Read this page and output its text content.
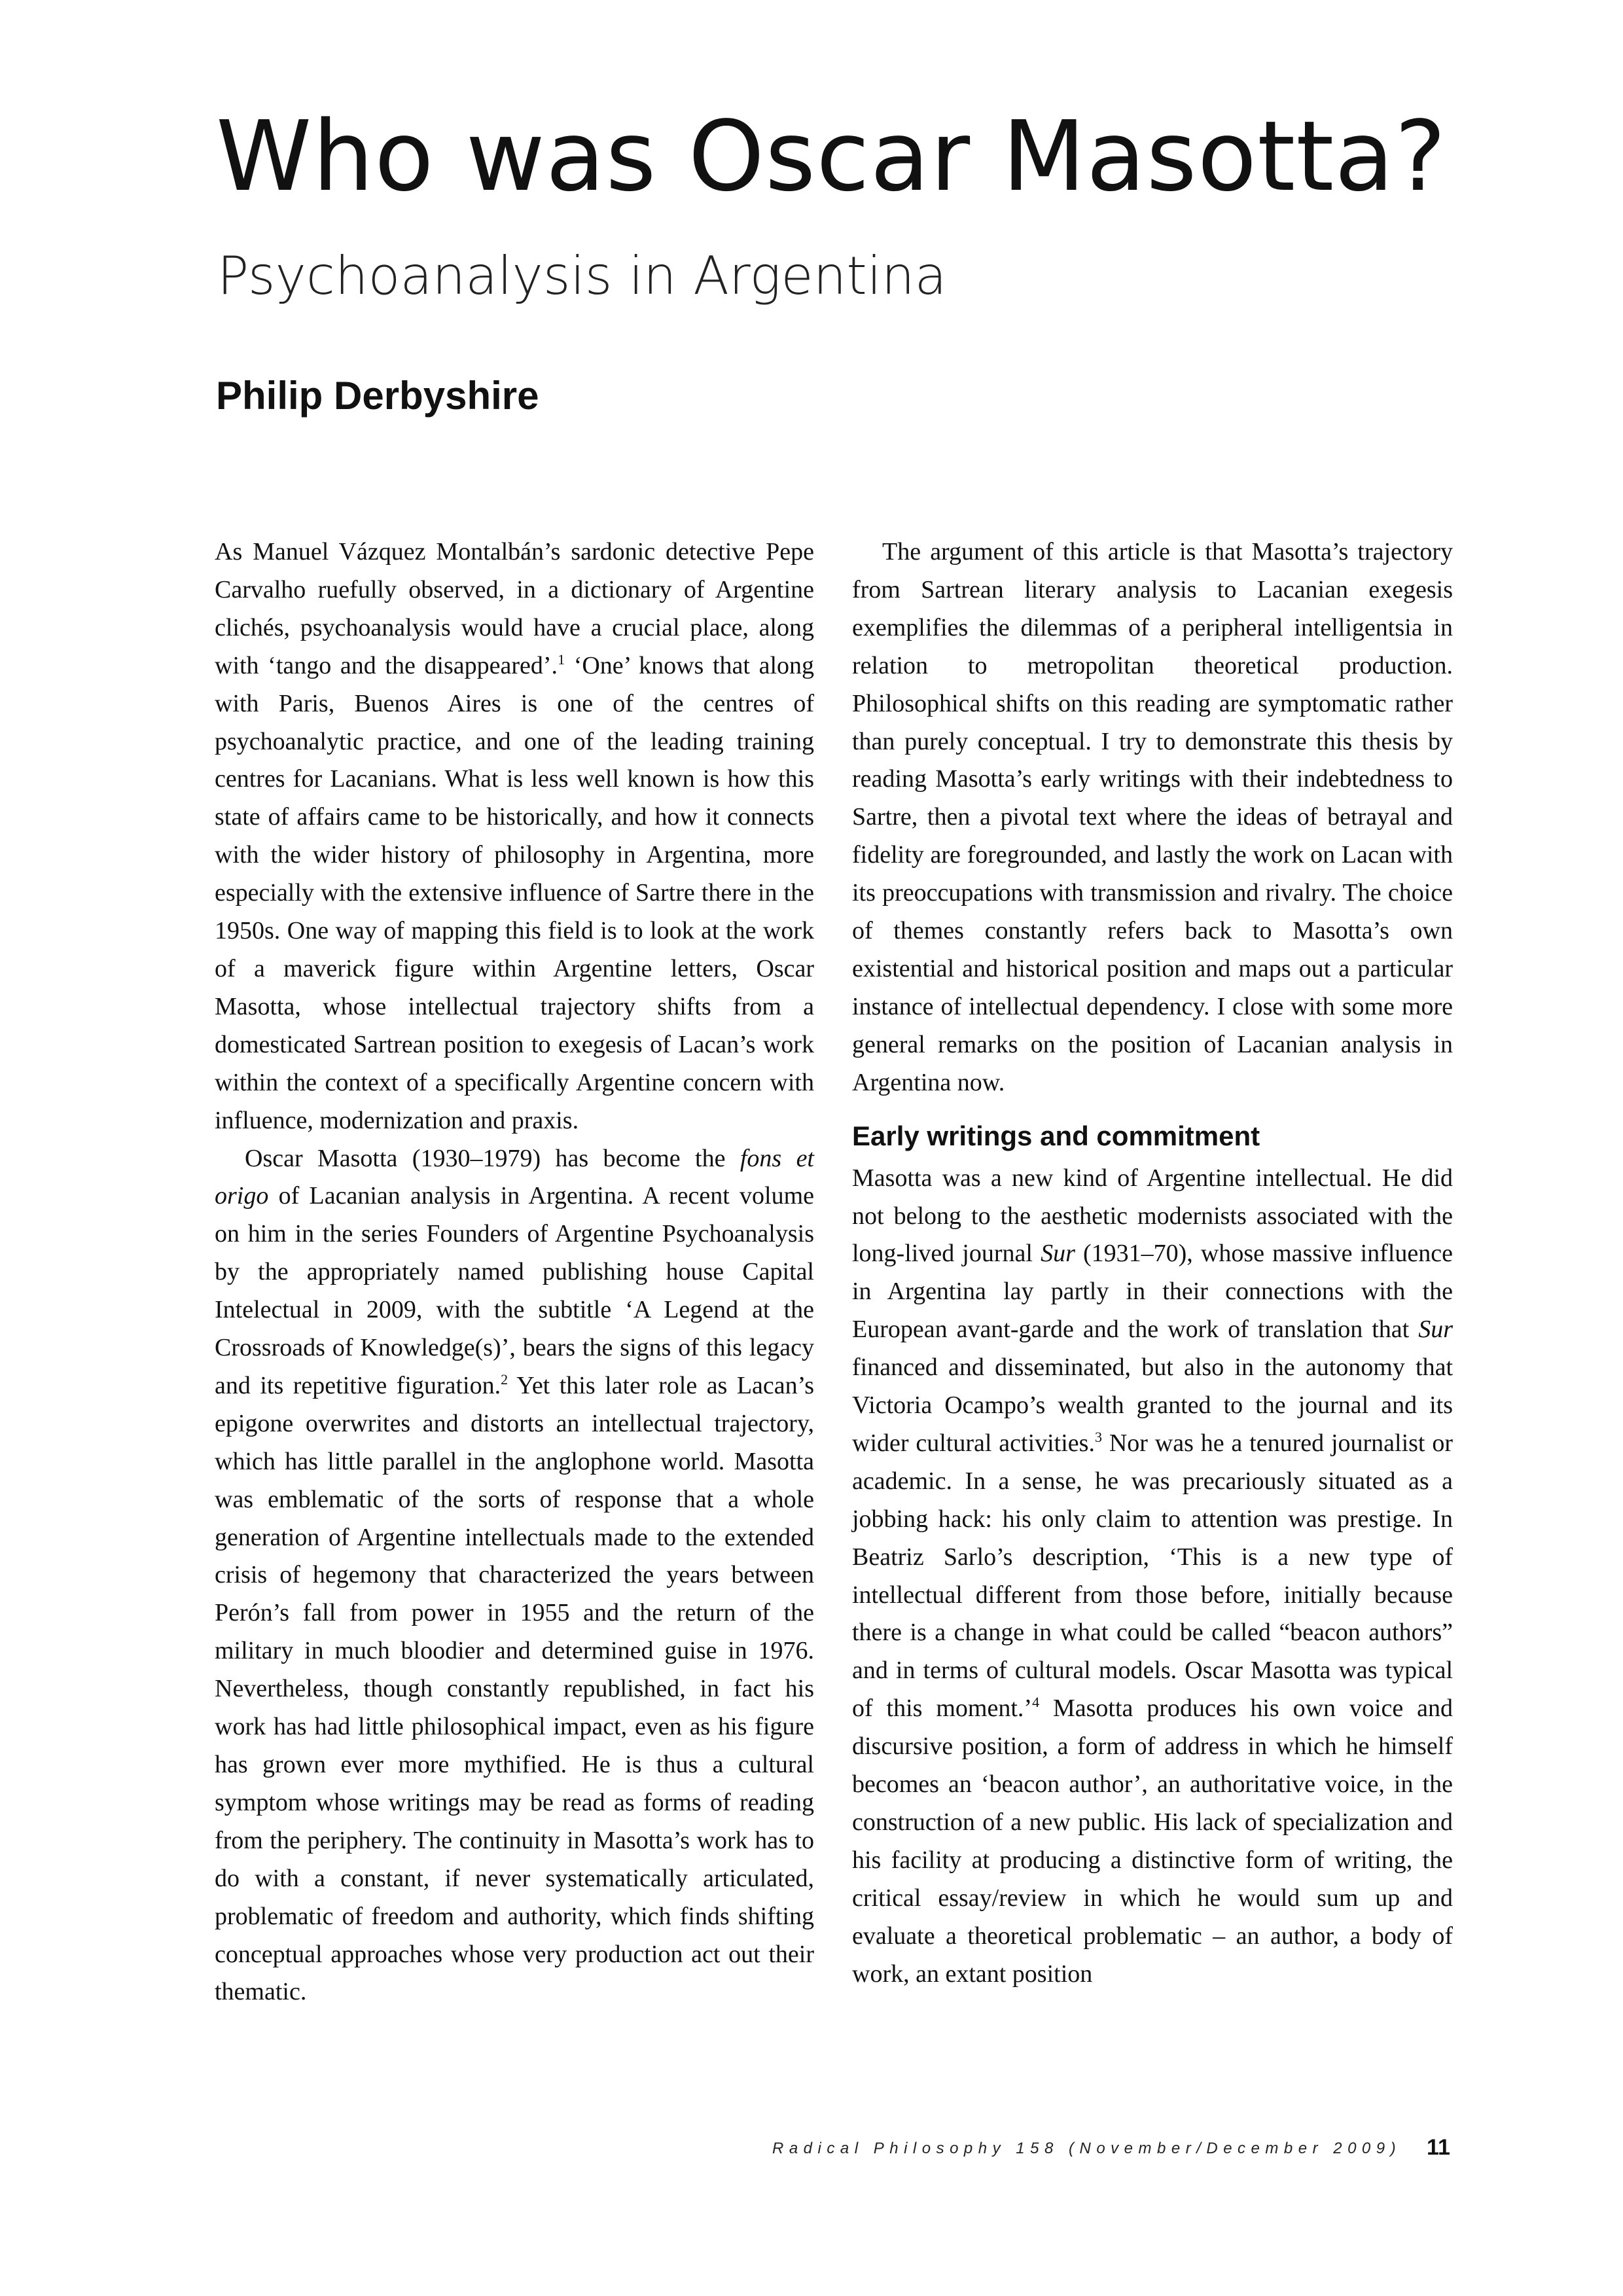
Who was Oscar Masotta?
Psychoanalysis in Argentina
Philip Derbyshire

As Manuel Vázquez Montalbán’s sardonic detective Pepe Carvalho ruefully observed, in a dictionary of Argentine clichés, psychoanalysis would have a crucial place, along with ‘tango and the disappeared’.$^1$ ‘One’ knows that along with Paris, Buenos Aires is one of the centres of psychoanalytic practice, and one of the leading training centres for Lacanians. What is less well known is how this state of affairs came to be historically, and how it connects with the wider history of philosophy in Argentina, more especially with the extensive influence of Sartre there in the 1950s. One way of mapping this field is to look at the work of a maverick figure within Argentine letters, Oscar Masotta, whose intellectual trajectory shifts from a domesticated Sartrean position to exegesis of Lacan’s work within the context of a specifically Argentine concern with influence, modernization and praxis.

Oscar Masotta (1930–1979) has become the fons et origo of Lacanian analysis in Argentina. A recent volume on him in the series Founders of Argentine Psychoanalysis by the appropriately named publishing house Capital Intelectual in 2009, with the subtitle ‘A Legend at the Crossroads of Knowledge(s)’, bears the signs of this legacy and its repetitive figuration.$^2$ Yet this later role as Lacan’s epigone overwrites and distorts an intellectual trajectory, which has little parallel in the anglophone world. Masotta was emblematic of the sorts of response that a whole generation of Argentine intellectuals made to the extended crisis of hegemony that characterized the years between Perón’s fall from power in 1955 and the return of the military in much bloodier and determined guise in 1976. Nevertheless, though constantly republished, in fact his work has had little philosophical impact, even as his figure has grown ever more mythified. He is thus a cultural symptom whose writings may be read as forms of reading from the periphery. The continuity in Masotta’s work has to do with a constant, if never systematically articulated, problematic of freedom and authority, which finds shifting conceptual approaches whose very production act out their thematic.

The argument of this article is that Masotta’s trajectory from Sartrean literary analysis to Lacanian exegesis exemplifies the dilemmas of a peripheral intelligentsia in relation to metropolitan theoretical production. Philosophical shifts on this reading are symptomatic rather than purely conceptual. I try to demonstrate this thesis by reading Masotta’s early writings with their indebtedness to Sartre, then a pivotal text where the ideas of betrayal and fidelity are foregrounded, and lastly the work on Lacan with its preoccupations with transmission and rivalry. The choice of themes constantly refers back to Masotta’s own existential and historical position and maps out a particular instance of intellectual dependency. I close with some more general remarks on the position of Lacanian analysis in Argentina now.

Early writings and commitment

Masotta was a new kind of Argentine intellectual. He did not belong to the aesthetic modernists associated with the long-lived journal Sur (1931–70), whose massive influence in Argentina lay partly in their connections with the European avant-garde and the work of translation that Sur financed and disseminated, but also in the autonomy that Victoria Ocampo’s wealth granted to the journal and its wider cultural activities.$^3$ Nor was he a tenured journalist or academic. In a sense, he was precariously situated as a jobbing hack: his only claim to attention was prestige. In Beatriz Sarlo’s description, ‘This is a new type of intellectual different from those before, initially because there is a change in what could be called “beacon authors” and in terms of cultural models. Oscar Masotta was typical of this moment.’$^4$ Masotta produces his own voice and discursive position, a form of address in which he himself becomes an ‘beacon author’, an authoritative voice, in the construction of a new public. His lack of specialization and his facility at producing a distinctive form of writing, the critical essay/review in which he would sum up and evaluate a theoretical problematic – an author, a body of work, an extant position

Radical Philosophy 158 (November/December 2009) 11
